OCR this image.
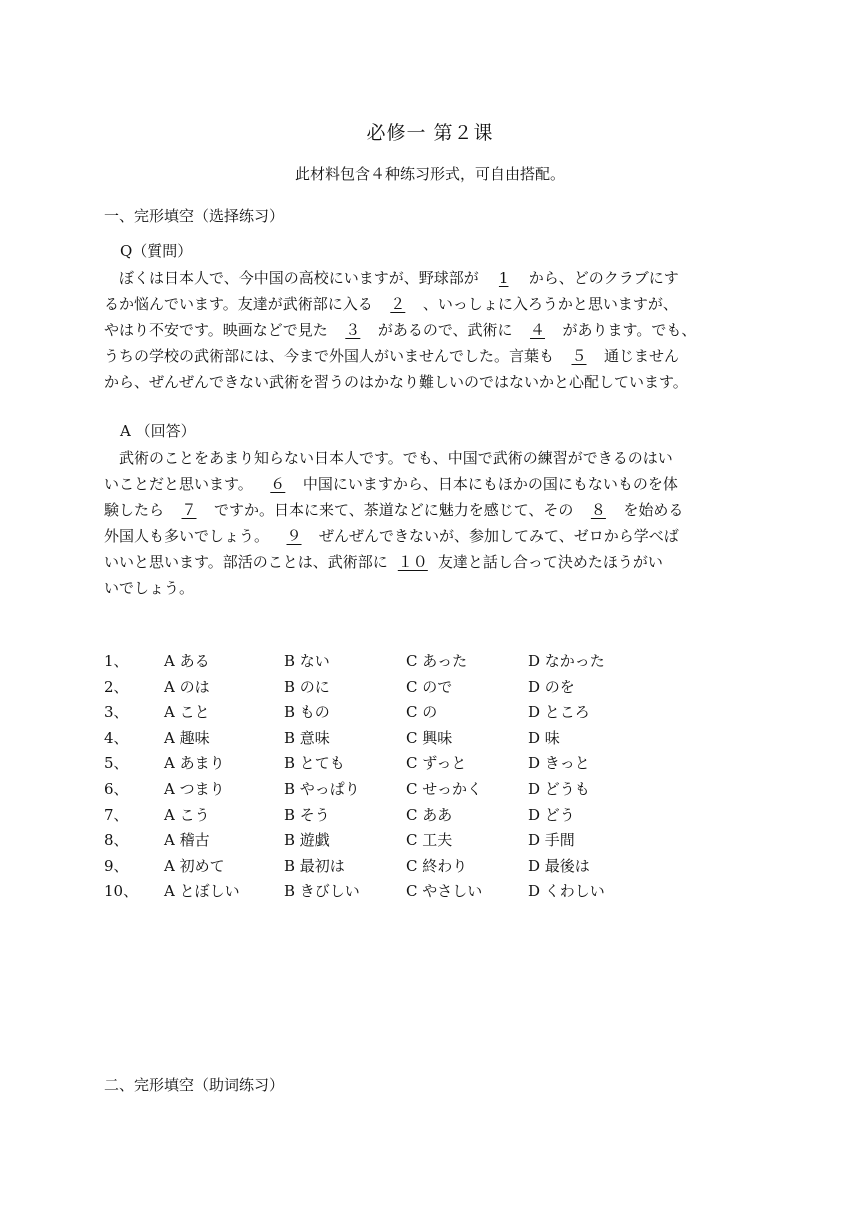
必修一 第２课
此材料包含４种练习形式，可自由搭配。
一、完形填空（选择练习）
Q（質問）
ぼくは日本人で、今中国の高校にいますが、野球部が 1 から、どのクラブにす
るか悩んでいます。友達が武術部に入る ２ 、いっしょに入ろうかと思いますが、
やはり不安です。映画などで見た ３ があるので、武術に ４ があります。でも、
うちの学校の武術部には、今まで外国人がいませんでした。言葉も ５ 通じません
から、ぜんぜんできない武術を習うのはかなり難しいのではないかと心配しています。
A （回答）
武術のことをあまり知らない日本人です。でも、中国で武術の練習ができるのはい
いことだと思います。 ６ 中国にいますから、日本にもほかの国にもないものを体
験したら ７ ですか。日本に来て、茶道などに魅力を感じて、その ８ を始める
外国人も多いでしょう。 ９ ぜんぜんできないが、参加してみて、ゼロから学べば
いいと思います。部活のことは、武術部に １０ 友達と話し合って決めたほうがい
いでしょう。
1、 A ある	B ない	C あった	D なかった
2、 A のは	B のに	C ので	D のを
3、 A こと	B もの	C の	D ところ
4、 A 趣味	B 意味	C 興味	D 味
5、 A あまり	B とても	C ずっと	D きっと
6、 A つまり	B やっぱり	C せっかく	D どうも
7、 A こう	B そう	C ああ	D どう
8、 A 稽古	B 遊戯	C 工夫	D 手間
9、 A 初めて	B 最初は	C 終わり	D 最後は
10、 A とぼしい	B きびしい	C やさしい	D くわしい
二、完形填空（助词练习）
